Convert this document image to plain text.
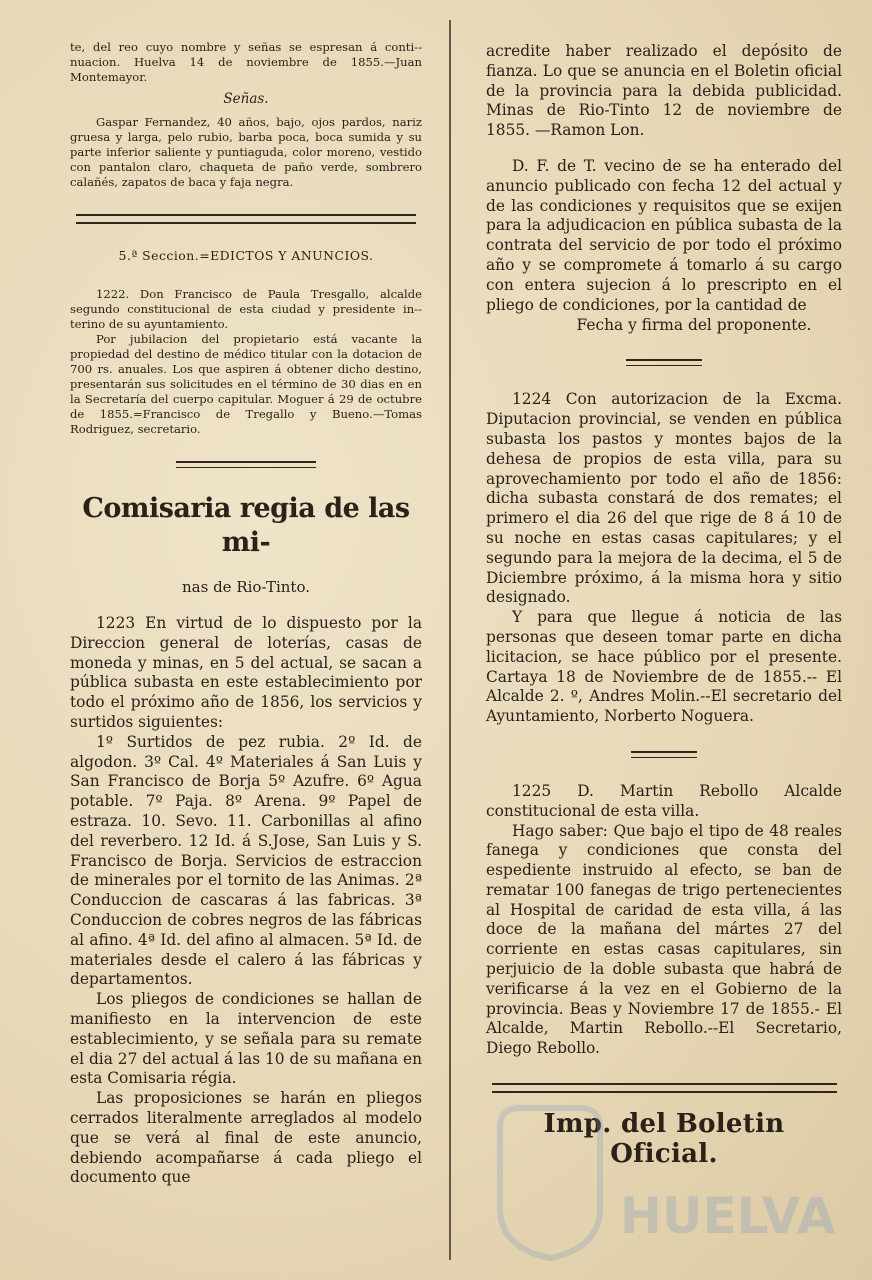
te, del reo cuyo nombre y señas se espresan á conti-- nuacion. Huelva 14 de noviembre de 1855.—Juan Montemayor.

Señas.

Gaspar Fernandez, 40 años, bajo, ojos pardos, nariz gruesa y larga, pelo rubio, barba poca, boca sumida y su parte inferior saliente y puntiaguda, color moreno, vestido con pantalon claro, chaqueta de paño verde, sombrero calañés, zapatos de baca y faja negra.

5.ª Seccion.=EDICTOS Y ANUNCIOS.

1222. Don Francisco de Paula Tresgallo, alcalde segundo constitucional de esta ciudad y presidente in-- terino de su ayuntamiento.

Por jubilacion del propietario está vacante la propiedad del destino de médico titular con la dotacion de 700 rs. anuales. Los que aspiren á obtener dicho destino, presentarán sus solicitudes en el término de 30 dias en en la Secretaría del cuerpo capitular. Moguer á 29 de octubre de 1855.=Francisco de Tregallo y Bueno.—Tomas Rodriguez, secretario.

Comisaria regia de las mi-
nas de Rio-Tinto.

1223 En virtud de lo dispuesto por la Direccion general de loterías, casas de moneda y minas, en 5 del actual, se sacan a pública subasta en este establecimiento por todo el próximo año de 1856, los servicios y surtidos siguientes:

1º Surtidos de pez rubia. 2º Id. de algodon. 3º Cal. 4º Materiales á San Luis y San Francisco de Borja 5º Azufre. 6º Agua potable. 7º Paja. 8º Arena. 9º Papel de estraza. 10. Sevo. 11. Carbonillas al afino del reverbero. 12 Id. á S.Jose, San Luis y S. Francisco de Borja. Servicios de estraccion de minerales por el tornito de las Animas. 2ª Conduccion de cascaras á las fabricas. 3ª Conduccion de cobres negros de las fábricas al afino. 4ª Id. del afino al almacen. 5ª Id. de materiales desde el calero á las fábricas y departamentos.

Los pliegos de condiciones se hallan de manifiesto en la intervencion de este establecimiento, y se señala para su remate el dia 27 del actual á las 10 de su mañana en esta Comisaria régia.

Las proposiciones se harán en pliegos cerrados literalmente arreglados al modelo que se verá al final de este anuncio, debiendo acompañarse á cada pliego el documento que

acredite haber realizado el depósito de fianza. Lo que se anuncia en el Boletin oficial de la provincia para la debida publicidad. Minas de Rio-Tinto 12 de noviembre de 1855. —Ramon Lon.

D. F. de T. vecino de se ha enterado del anuncio publicado con fecha 12 del actual y de las condiciones y requisitos que se exijen para la adjudicacion en pública subasta de la contrata del servicio de por todo el próximo año y se compromete á tomarlo á su cargo con entera sujecion á lo prescripto en el pliego de condiciones, por la cantidad de

Fecha y firma del proponente.

1224 Con autorizacion de la Excma. Diputacion provincial, se venden en pública subasta los pastos y montes bajos de la dehesa de propios de esta villa, para su aprovechamiento por todo el año de 1856: dicha subasta constará de dos remates; el primero el dia 26 del que rige de 8 á 10 de su noche en estas casas capitulares; y el segundo para la mejora de la decima, el 5 de Diciembre próximo, á la misma hora y sitio designado.

Y para que llegue á noticia de las personas que deseen tomar parte en dicha licitacion, se hace público por el presente. Cartaya 18 de Noviembre de de 1855.-- El Alcalde 2. º, Andres Molin.--El secretario del Ayuntamiento, Norberto Noguera.

1225 D. Martin Rebollo Alcalde constitucional de esta villa.

Hago saber: Que bajo el tipo de 48 reales fanega y condiciones que consta del espediente instruido al efecto, se ban de rematar 100 fanegas de trigo pertenecientes al Hospital de caridad de esta villa, á las doce de la mañana del mártes 27 del corriente en estas casas capitulares, sin perjuicio de la doble subasta que habrá de verificarse á la vez en el Gobierno de la provincia. Beas y Noviembre 17 de 1855.- El Alcalde, Martin Rebollo.--El Secretario, Diego Rebollo.

Imp. del Boletin Oficial.
HUELVA
